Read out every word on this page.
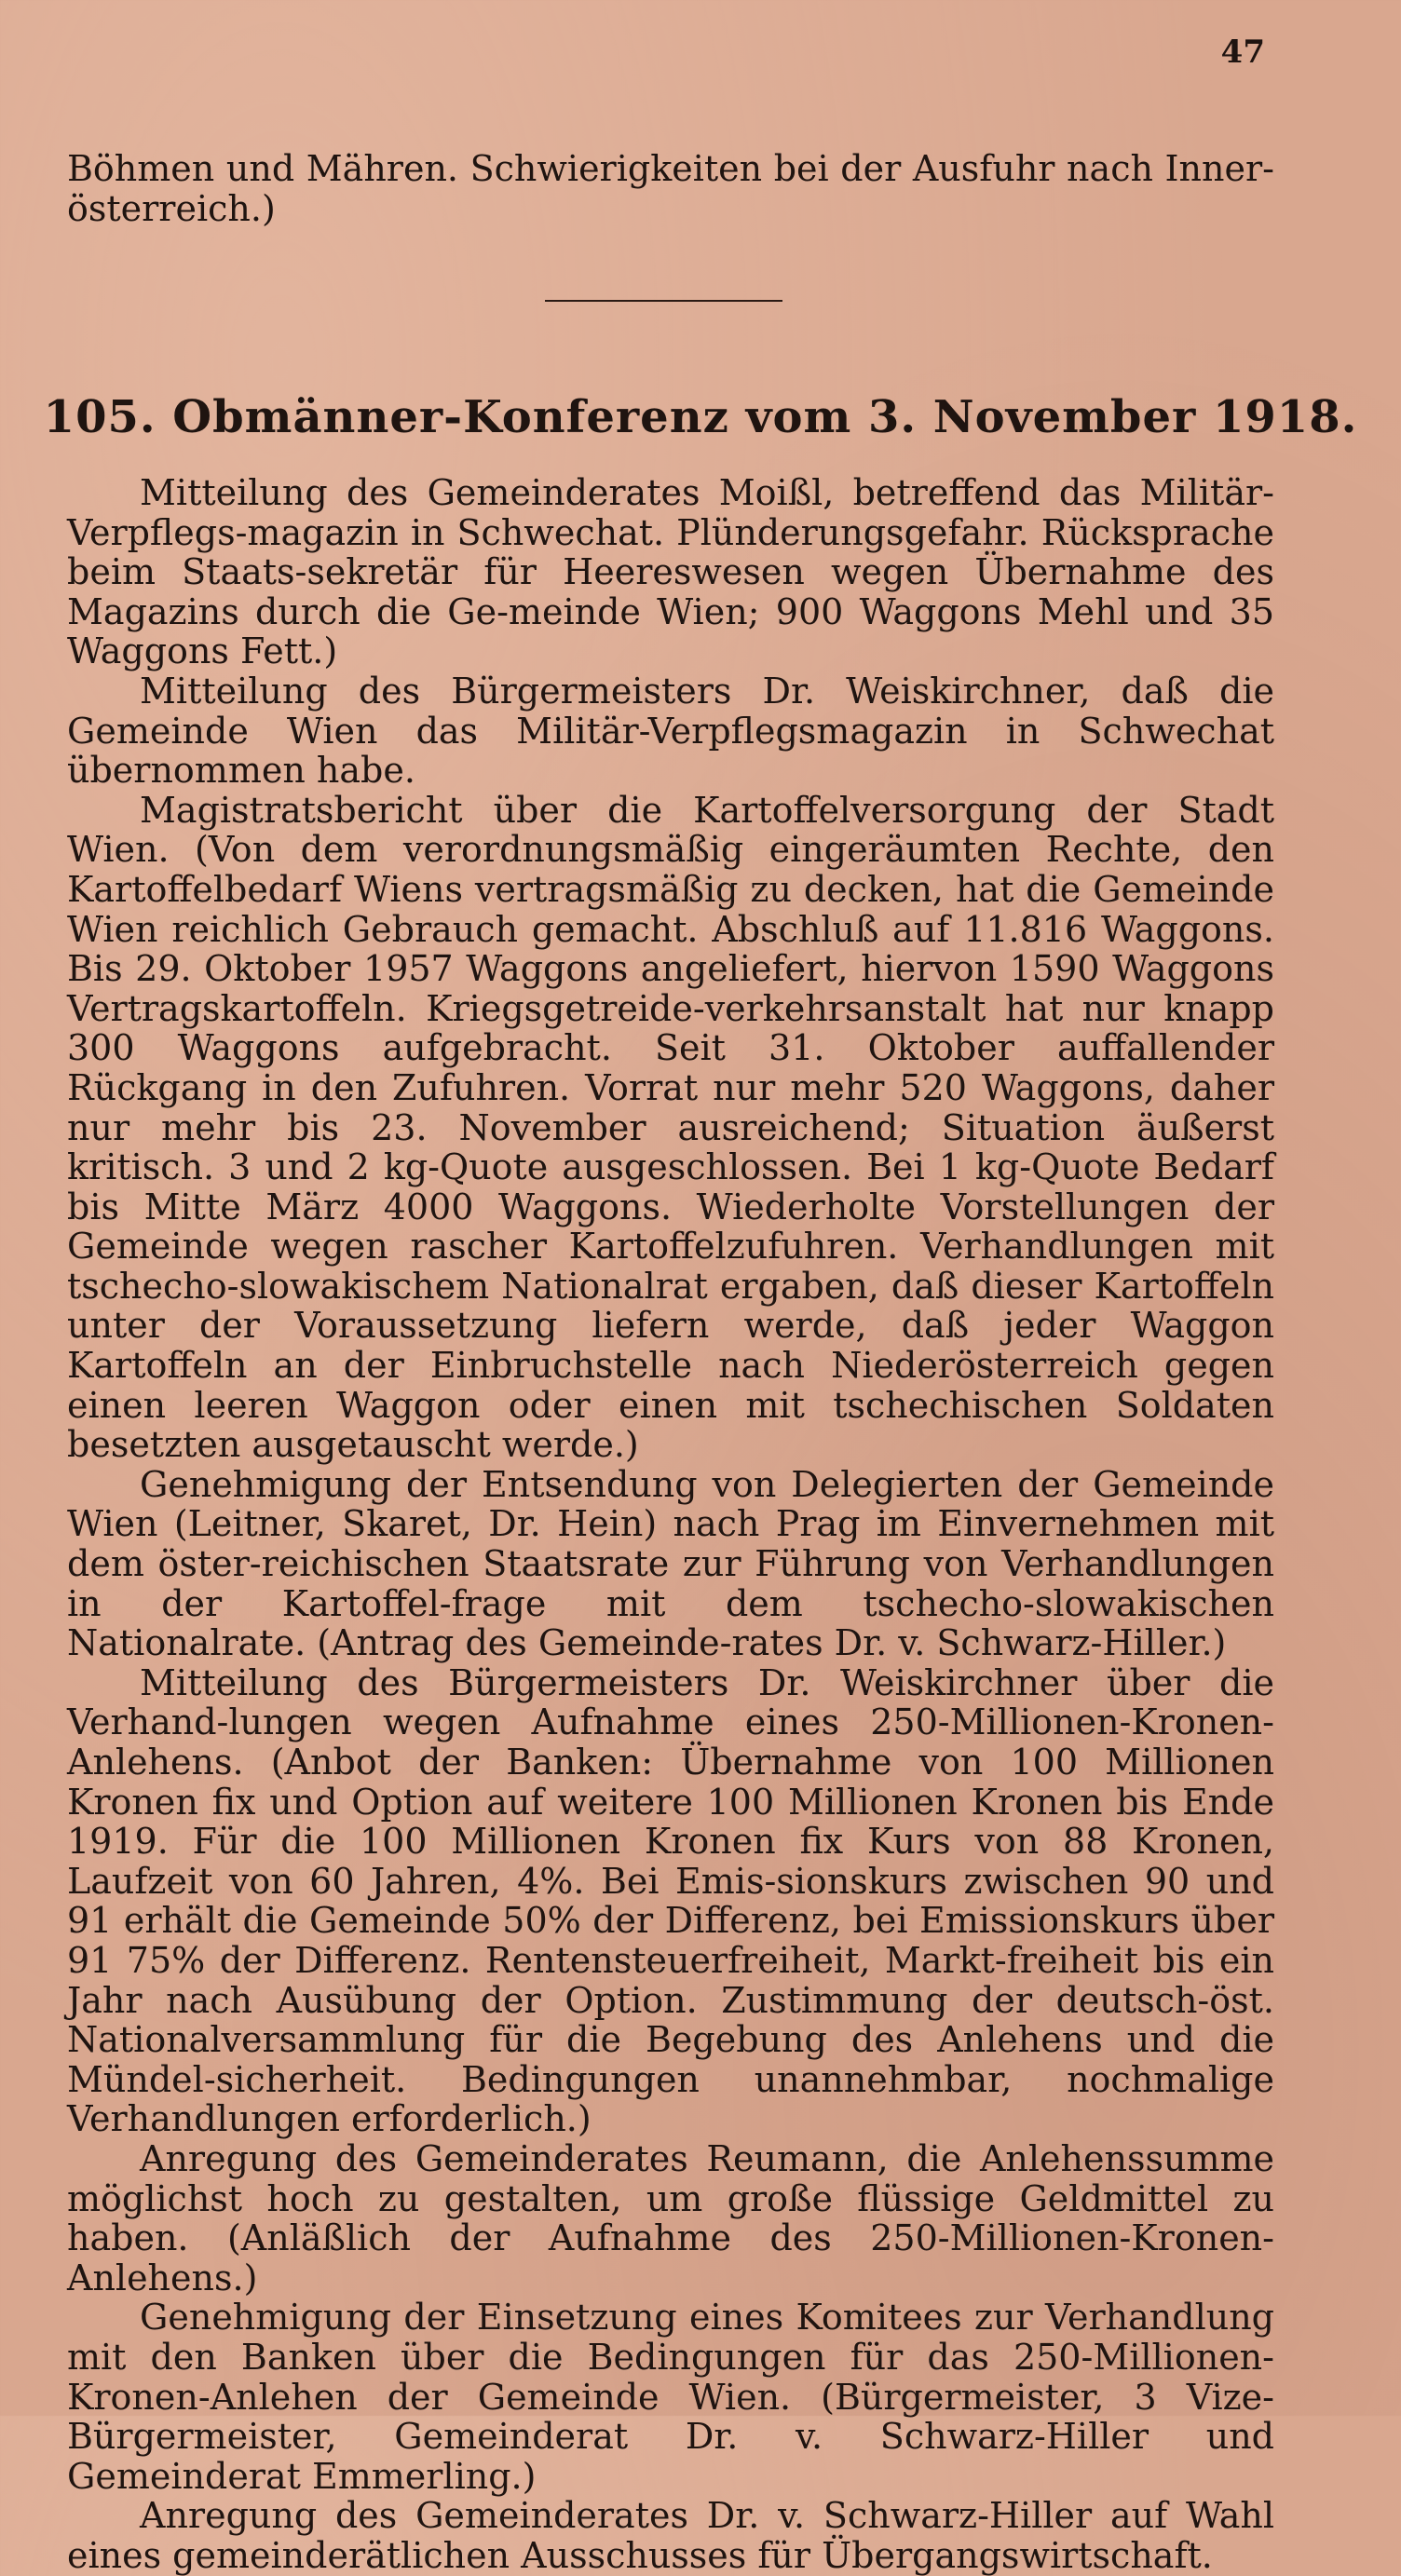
47
Böhmen und Mähren. Schwierigkeiten bei der Ausfuhr nach Inner-österreich.)
105. Obmänner-Konferenz vom 3. November 1918.

Mitteilung des Gemeinderates Moißl, betreffend das Militär-Verpflegs-magazin in Schwechat. Plünderungsgefahr. Rücksprache beim Staats-sekretär für Heereswesen wegen Übernahme des Magazins durch die Ge-meinde Wien; 900 Waggons Mehl und 35 Waggons Fett.)

Mitteilung des Bürgermeisters Dr. Weiskirchner, daß die Gemeinde Wien das Militär-Verpflegsmagazin in Schwechat übernommen habe.

Magistratsbericht über die Kartoffelversorgung der Stadt Wien. (Von dem verordnungsmäßig eingeräumten Rechte, den Kartoffelbedarf Wiens vertragsmäßig zu decken, hat die Gemeinde Wien reichlich Gebrauch gemacht. Abschluß auf 11.816 Waggons. Bis 29. Oktober 1957 Waggons angeliefert, hiervon 1590 Waggons Vertragskartoffeln. Kriegsgetreide-verkehrsanstalt hat nur knapp 300 Waggons aufgebracht. Seit 31. Oktober auffallender Rückgang in den Zufuhren. Vorrat nur mehr 520 Waggons, daher nur mehr bis 23. November ausreichend; Situation äußerst kritisch. 3 und 2 kg-Quote ausgeschlossen. Bei 1 kg-Quote Bedarf bis Mitte März 4000 Waggons. Wiederholte Vorstellungen der Gemeinde wegen rascher Kartoffelzufuhren. Verhandlungen mit tschecho-slowakischem Nationalrat ergaben, daß dieser Kartoffeln unter der Voraussetzung liefern werde, daß jeder Waggon Kartoffeln an der Einbruchstelle nach Niederösterreich gegen einen leeren Waggon oder einen mit tschechischen Soldaten besetzten ausgetauscht werde.)

Genehmigung der Entsendung von Delegierten der Gemeinde Wien (Leitner, Skaret, Dr. Hein) nach Prag im Einvernehmen mit dem öster-reichischen Staatsrate zur Führung von Verhandlungen in der Kartoffel-frage mit dem tschecho-slowakischen Nationalrate. (Antrag des Gemeinde-rates Dr. v. Schwarz-Hiller.)

Mitteilung des Bürgermeisters Dr. Weiskirchner über die Verhand-lungen wegen Aufnahme eines 250-Millionen-Kronen-Anlehens. (Anbot der Banken: Übernahme von 100 Millionen Kronen fix und Option auf weitere 100 Millionen Kronen bis Ende 1919. Für die 100 Millionen Kronen fix Kurs von 88 Kronen, Laufzeit von 60 Jahren, 4%. Bei Emis-sionskurs zwischen 90 und 91 erhält die Gemeinde 50% der Differenz, bei Emissionskurs über 91 75% der Differenz. Rentensteuerfreiheit, Markt-freiheit bis ein Jahr nach Ausübung der Option. Zustimmung der deutsch-öst. Nationalversammlung für die Begebung des Anlehens und die Mündel-sicherheit. Bedingungen unannehmbar, nochmalige Verhandlungen erforderlich.)

Anregung des Gemeinderates Reumann, die Anlehenssumme möglichst hoch zu gestalten, um große flüssige Geldmittel zu haben. (Anläßlich der Aufnahme des 250-Millionen-Kronen-Anlehens.)

Genehmigung der Einsetzung eines Komitees zur Verhandlung mit den Banken über die Bedingungen für das 250-Millionen-Kronen-Anlehen der Gemeinde Wien. (Bürgermeister, 3 Vize-Bürgermeister, Gemeinderat Dr. v. Schwarz-Hiller und Gemeinderat Emmerling.)

Anregung des Gemeinderates Dr. v. Schwarz-Hiller auf Wahl eines gemeinderätlichen Ausschusses für Übergangswirtschaft.
